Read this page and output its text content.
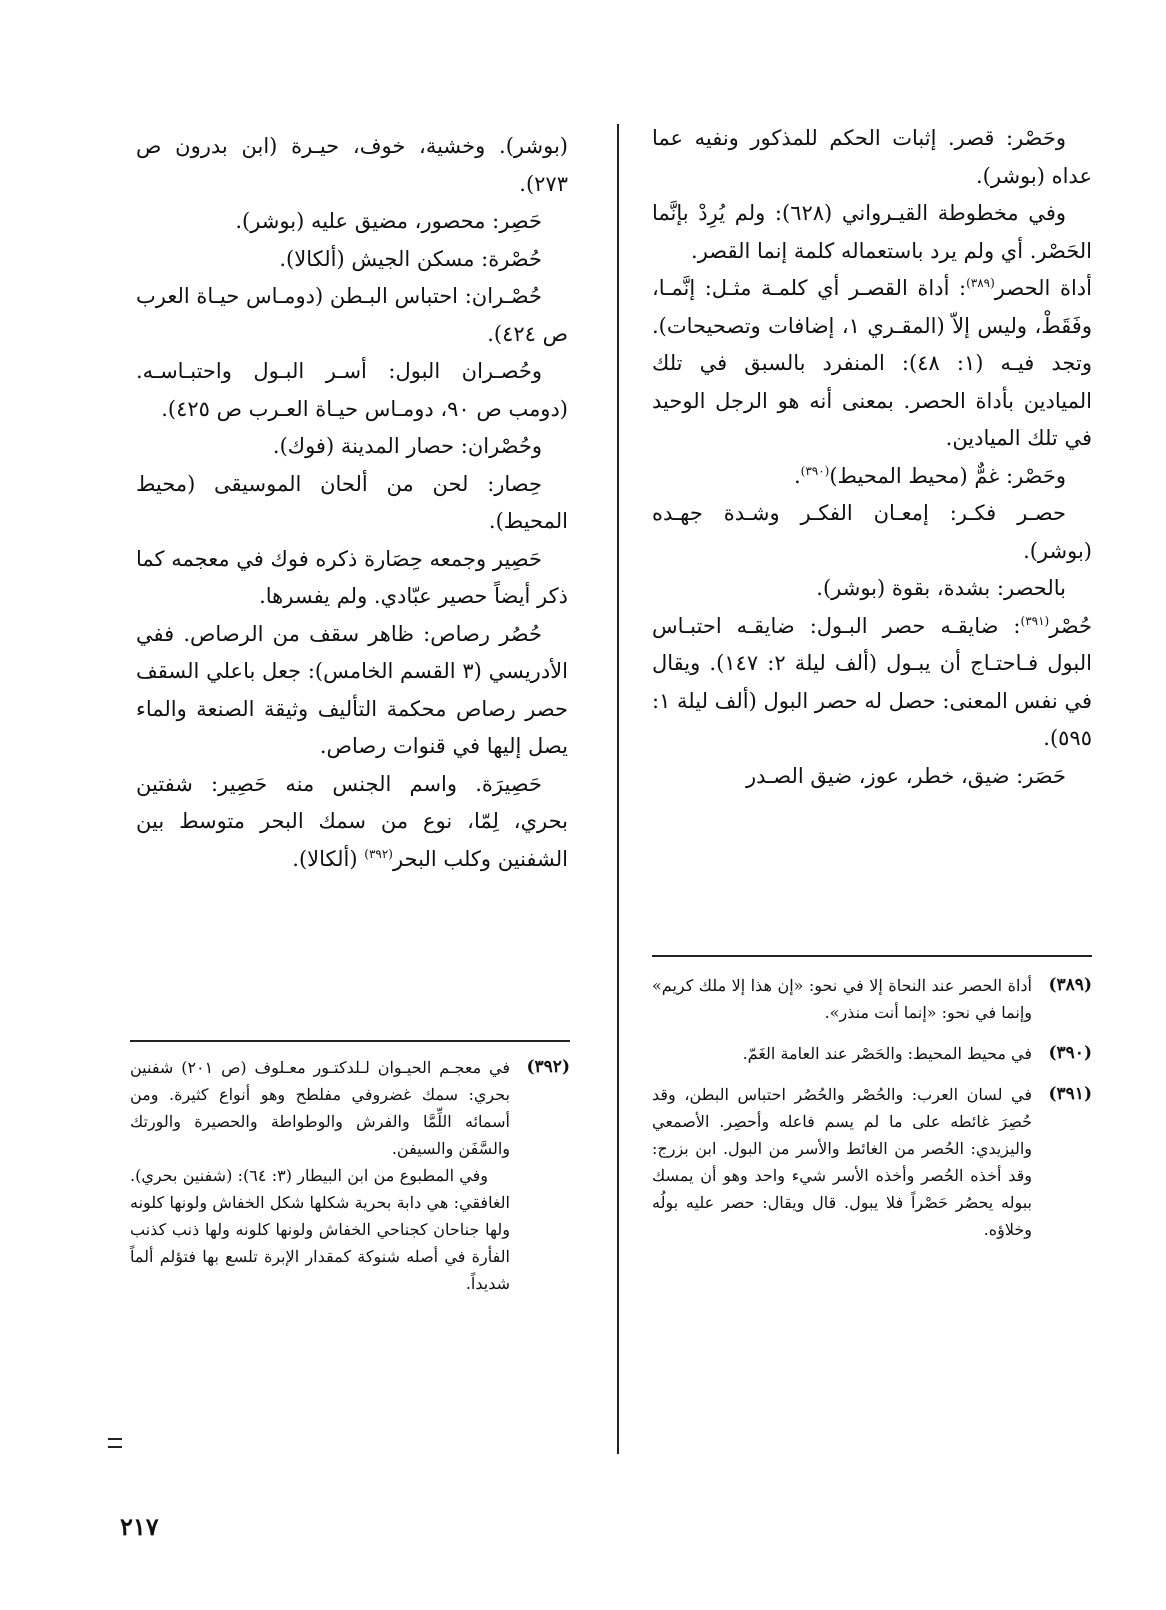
وحَصْر: قصر. إثبات الحكم للمذكور ونفيه عما عداه (بوشر).

وفي مخطوطة القيـرواني (٦٢٨): ولم يُرِدْ بإنَّما الحَصْر. أي ولم يرد باستعماله كلمة إنما القصر.

أداة الحصر$^{(٣٨٩)}$: أداة القصـر أي كلمـة مثـل: إنَّمـا، وفَقَطْ، وليس إلاّ (المقـري ١، إضافات وتصحيحات). وتجد فيـه (١: ٤٨): المنفرد بالسبق في تلك الميادين بأداة الحصر. بمعنى أنه هو الرجل الوحيد في تلك الميادين.

وحَصْر: غمٌّ (محيط المحيط)$^{(٣٩٠)}$.

حصـر فكـر: إمعـان الفكـر وشـدة جهـده (بوشر).

بالحصر: بشدة، بقوة (بوشر).

حُصْر$^{(٣٩١)}$: ضايقـه حصر البـول: ضايقـه احتبـاس البول فـاحتـاج أن يبـول (ألف ليلة ٢: ١٤٧). ويقال في نفس المعنى: حصل له حصر البول (ألف ليلة ١: ٥٩٥).

حَصَر: ضيق، خطر، عوز، ضيق الصـدر

(بوشر). وخشية، خوف، حيـرة (ابن بدرون ص ٢٧٣).

حَصِر: محصور، مضيق عليه (بوشر).

حُصْرة: مسكن الجيش (ألكالا).

حُصْـران: احتباس البـطن (دومـاس حيـاة العرب ص ٤٢٤).

وحُصـران البول: أسـر البـول واحتبـاسـه. (دومب ص ٩٠، دومـاس حيـاة العـرب ص ٤٢٥).

وحُصْران: حصار المدينة (فوك).

حِصار: لحن من ألحان الموسيقى (محيط المحيط).

حَصِير وجمعه حِصَارة ذكره فوك في معجمه كما ذكر أيضاً حصير عبّادي. ولم يفسرها.

حُصُر رصاص: ظاهر سقف من الرصاص. ففي الأدريسي (٣ القسم الخامس): جعل باعلي السقف حصر رصاص محكمة التأليف وثيقة الصنعة والماء يصل إليها في قنوات رصاص.

حَصِيرَة. واسم الجنس منه حَصِير: شفتين بحري، لِمّا، نوع من سمك البحر متوسط بين الشفنين وكلب البحر$^{(٣٩٢)}$ (ألكالا).

(٣٨٩)

أداة الحصر عند النحاة إلا في نحو: «إن هذا إلا ملك كريم» وإنما في نحو: «إنما أنت منذر».

(٣٩٠)

في محيط المحيط: والحَصْر عند العامة الغَمّ.

(٣٩١)

في لسان العرب: والحُصْر والحُصُر احتباس البطن، وقد حُصِرَ غائطه على ما لم يسم فاعله وأحصِر. الأصمعي واليزيدي: الحُصر من الغائط والأسر من البول. ابن بزرج: وقد أخذه الحُصر وأخذه الأسر شيء واحد وهو أن يمسك ببوله يحصُر حَصْراً فلا يبول. قال ويقال: حصر عليه بولُه وخلاؤه.

(٣٩٢)

في معجـم الحيـوان لـلدكتـور معـلوف (ص ٢٠١) شفنين بحري: سمك غضروفي مفلطح وهو أنواع كثيرة. ومن أسمائه اللِّمَّا والفرش والوطواطة والحصيرة والورتك والسَّفَن والسيفن.

وفي المطبوع من ابن البيطار (٣: ٦٤): (شفنين بحري). الغافقي: هي دابة بحرية شكلها شكل الخفاش ولونها كلونه ولها جناحان كجناحي الخفاش ولونها كلونه ولها ذنب كذنب الفأرة في أصله شنوكة كمقدار الإبرة تلسع بها فتؤلم ألماً شديداً.

٢١٧
